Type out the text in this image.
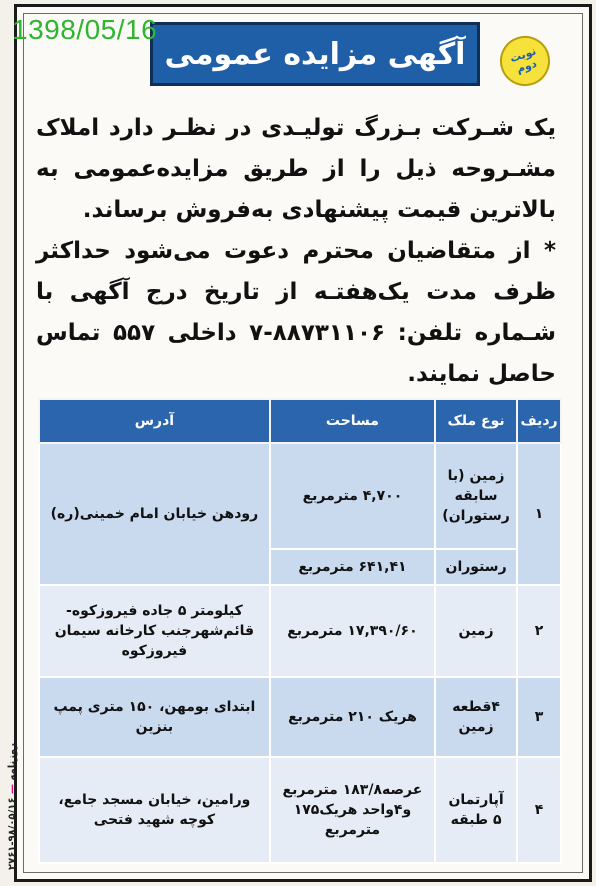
1398/05/16
روزنامه — ۹۸/۰۵/۱۶-۲۷۶۱
آگهی مزایده عمومی	نوبت دوم

یک شـرکت بـزرگ تولیـدی در نظـر دارد املاک مشـروحه ذیل را از طریق مزایده‌عمومی به بالاترین قیمت پیشنهادی به‌فروش برساند.

* از متقاضیان محترم دعوت می‌شود حداکثر ظرف مدت یک‌هفتـه از تاریخ درج آگهی با شـماره تلفن: ۸۸۷۳۱۱۰۶-۷ داخلی ۵۵۷ تماس حاصل نمایند.

ردیف	نوع ملک	مساحت	آدرس
۱	زمین (با سابقه رستوران)	۴,۷۰۰ مترمربع	رودهن خیابان امام خمینی(ره)
	رستوران	۶۴۱,۴۱ مترمربع	
۲	زمین	۱۷,۳۹۰/۶۰ مترمربع	کیلومتر ۵ جاده فیروزکوه-قائم‌شهرجنب کارخانه سیمان فیروزکوه
۳	۴قطعه زمین	هریک ۲۱۰ مترمربع	ابتدای بومهن، ۱۵۰ متری پمپ بنزین
۴	آپارتمان ۵ طبقه	عرصه۱۸۳/۸ مترمربع و۴واحد هریک۱۷۵ مترمربع	ورامین، خیابان مسجد جامع، کوچه شهید فتحی
